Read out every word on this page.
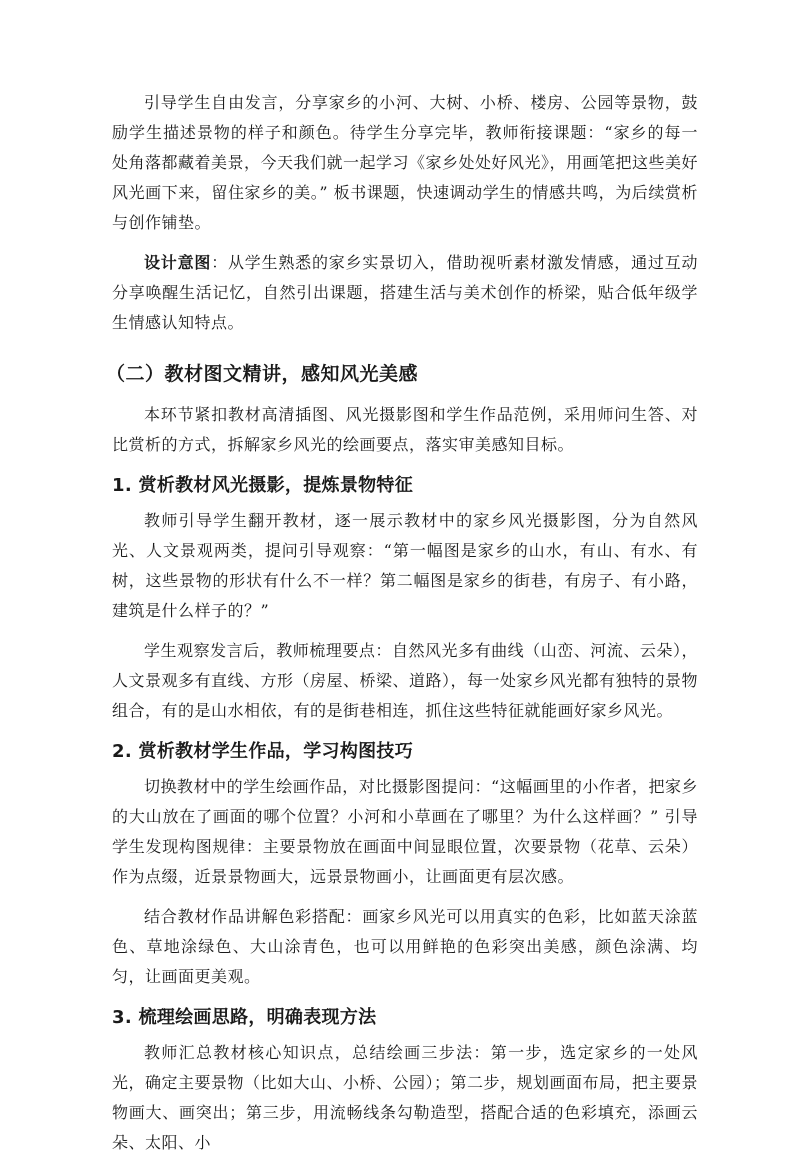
引导学生自由发言，分享家乡的小河、大树、小桥、楼房、公园等景物，鼓励学生描述景物的样子和颜色。待学生分享完毕，教师衔接课题：“家乡的每一处角落都藏着美景，今天我们就一起学习《家乡处处好风光》，用画笔把这些美好风光画下来，留住家乡的美。” 板书课题，快速调动学生的情感共鸣，为后续赏析与创作铺垫。

设计意图：从学生熟悉的家乡实景切入，借助视听素材激发情感，通过互动分享唤醒生活记忆，自然引出课题，搭建生活与美术创作的桥梁，贴合低年级学生情感认知特点。

（二）教材图文精讲，感知风光美感

本环节紧扣教材高清插图、风光摄影图和学生作品范例，采用师问生答、对比赏析的方式，拆解家乡风光的绘画要点，落实审美感知目标。

1. 赏析教材风光摄影，提炼景物特征

教师引导学生翻开教材，逐一展示教材中的家乡风光摄影图，分为自然风光、人文景观两类，提问引导观察：“第一幅图是家乡的山水，有山、有水、有树，这些景物的形状有什么不一样？第二幅图是家乡的街巷，有房子、有小路，建筑是什么样子的？”

学生观察发言后，教师梳理要点：自然风光多有曲线（山峦、河流、云朵），人文景观多有直线、方形（房屋、桥梁、道路），每一处家乡风光都有独特的景物组合，有的是山水相依，有的是街巷相连，抓住这些特征就能画好家乡风光。

2. 赏析教材学生作品，学习构图技巧

切换教材中的学生绘画作品，对比摄影图提问：“这幅画里的小作者，把家乡的大山放在了画面的哪个位置？小河和小草画在了哪里？为什么这样画？” 引导学生发现构图规律：主要景物放在画面中间显眼位置，次要景物（花草、云朵）作为点缀，近景景物画大，远景景物画小，让画面更有层次感。

结合教材作品讲解色彩搭配：画家乡风光可以用真实的色彩，比如蓝天涂蓝色、草地涂绿色、大山涂青色，也可以用鲜艳的色彩突出美感，颜色涂满、均匀，让画面更美观。

3. 梳理绘画思路，明确表现方法

教师汇总教材核心知识点，总结绘画三步法：第一步，选定家乡的一处风光，确定主要景物（比如大山、小桥、公园）；第二步，规划画面布局，把主要景物画大、画突出；第三步，用流畅线条勾勒造型，搭配合适的色彩填充，添画云朵、太阳、小
